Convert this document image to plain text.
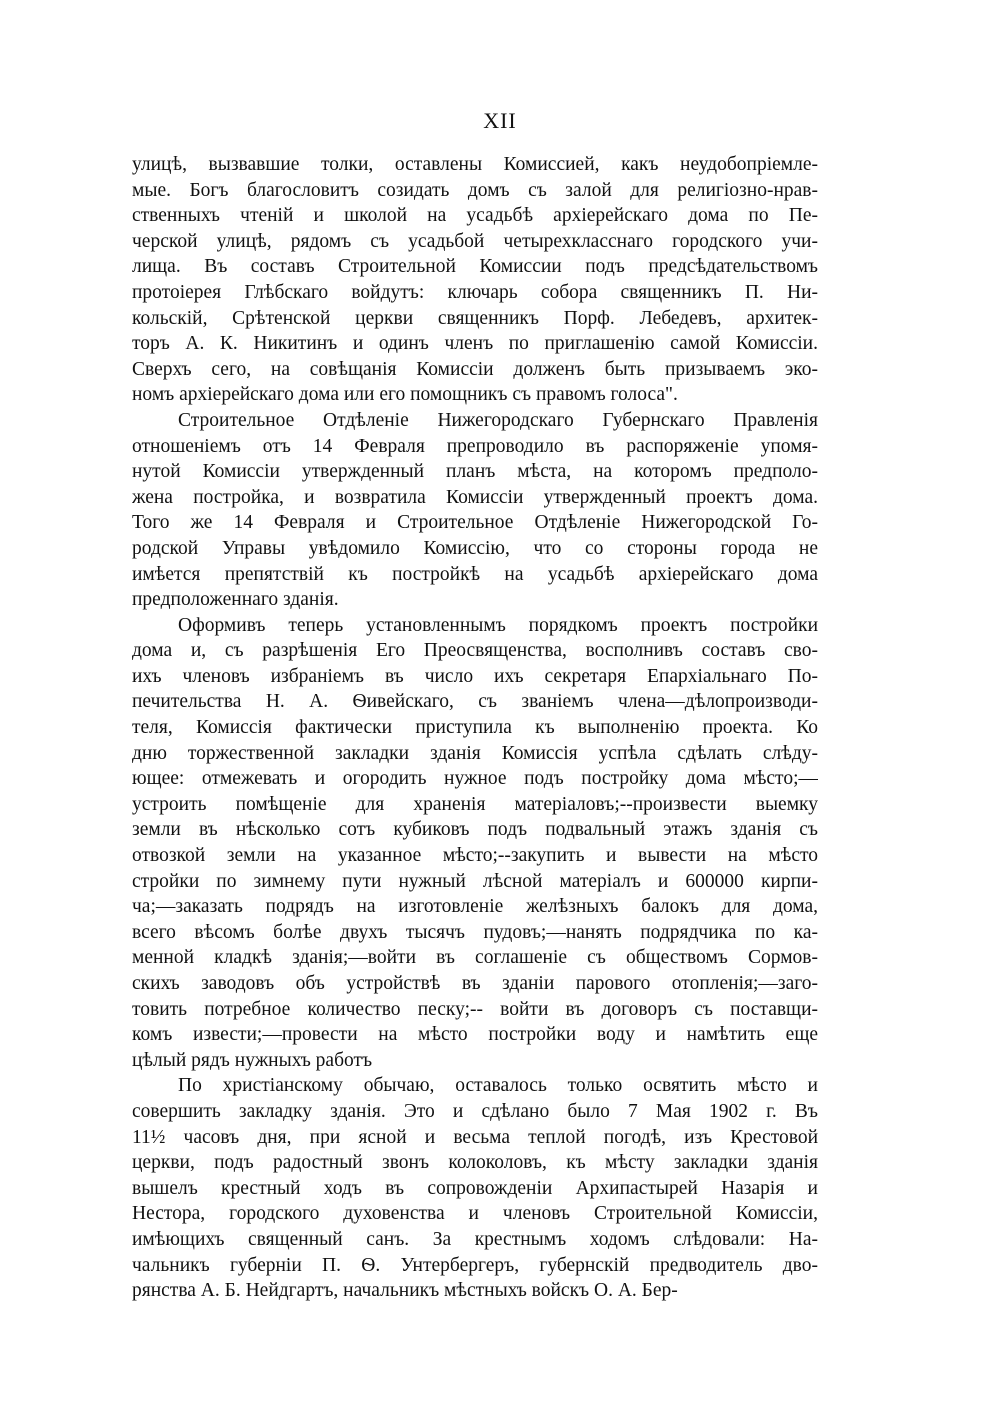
XII
улицѣ, вызвавшие толки, оставлены Комиссией, какъ неудобопріемле-
мые. Богъ благословитъ созидать домъ съ залой для религіозно-нрав-
ственныхъ чтеній и школой на усадьбѣ архіерейскаго дома по Пе-
черской улицѣ, рядомъ съ усадьбой четырехкласснаго городского учи-
лища. Въ составъ Строительной Комиссии подъ предсѣдательствомъ
протоіерея Глѣбскаго войдутъ: ключарь собора священникъ П. Ни-
кольскій, Срѣтенской церкви священникъ Порф. Лебедевъ, архитек-
торъ А. К. Никитинъ и одинъ членъ по приглашенію самой Комиссіи.
Сверхъ сего, на совѣщанія Комиссіи долженъ быть призываемъ эко-
номъ архіерейскаго дома или его помощникъ съ правомъ голоса".
Строительное Отдѣленіе Нижегородскаго Губернскаго Правленія
отношеніемъ отъ 14 Февраля препроводило въ распоряженіе упомя-
нутой Комиссіи утвержденный планъ мѣста, на которомъ предполо-
жена постройка, и возвратила Комиссіи утвержденный проектъ дома.
Того же 14 Февраля и Строительное Отдѣленіе Нижегородской Го-
родской Управы увѣдомило Комиссію, что со стороны города не
имѣется препятствій къ постройкѣ на усадьбѣ архіерейскаго дома
предположеннаго зданія.
Оформивъ теперь установленнымъ порядкомъ проектъ постройки
дома и, съ разрѣшенія Его Преосвященства, восполнивъ составъ сво-
ихъ членовъ избраніемъ въ число ихъ секретаря Епархіальнаго По-
печительства Н. А. Ѳивейскаго, съ званіемъ члена—дѣлопроизводи-
теля, Комиссія фактически приступила къ выполненію проекта. Ко
дню торжественной закладки зданія Комиссія успѣла сдѣлать слѣду-
ющее: отмежевать и огородить нужное подъ постройку дома мѣсто;—
устроить помѣщеніе для храненія матеріаловъ;--произвести выемку
земли въ нѣсколько сотъ кубиковъ подъ подвальный этажъ зданія съ
отвозкой земли на указанное мѣсто;--закупить и вывести на мѣсто
стройки по зимнему пути нужный лѣсной матеріалъ и 600000 кирпи-
ча;—заказать подрядъ на изготовленіе желѣзныхъ балокъ для дома,
всего вѣсомъ болѣе двухъ тысячъ пудовъ;—нанять подрядчика по ка-
менной кладкѣ зданія;—войти въ соглашеніе съ обществомъ Сормов-
скихъ заводовъ объ устройствѣ въ зданіи парового отопленія;—заго-
товить потребное количество песку;-- войти въ договоръ съ поставщи-
комъ извести;—провести на мѣсто постройки воду и намѣтить еще
цѣлый рядъ нужныхъ работъ
По христіанскому обычаю, оставалось только освятить мѣсто и
совершить закладку зданія. Это и сдѣлано было 7 Мая 1902 г. Въ
11½ часовъ дня, при ясной и весьма теплой погодѣ, изъ Крестовой
церкви, подъ радостный звонъ колоколовъ, къ мѣсту закладки зданія
вышелъ крестный ходъ въ сопровожденіи Архипастырей Назарія и
Нестора, городского духовенства и членовъ Строительной Комиссіи,
имѣющихъ священный санъ. За крестнымъ ходомъ слѣдовали: На-
чальникъ губерніи П. Ѳ. Унтербергеръ, губернскій предводитель дво-
рянства А. Б. Нейдгартъ, начальникъ мѣстныхъ войскъ О. А. Бер-
